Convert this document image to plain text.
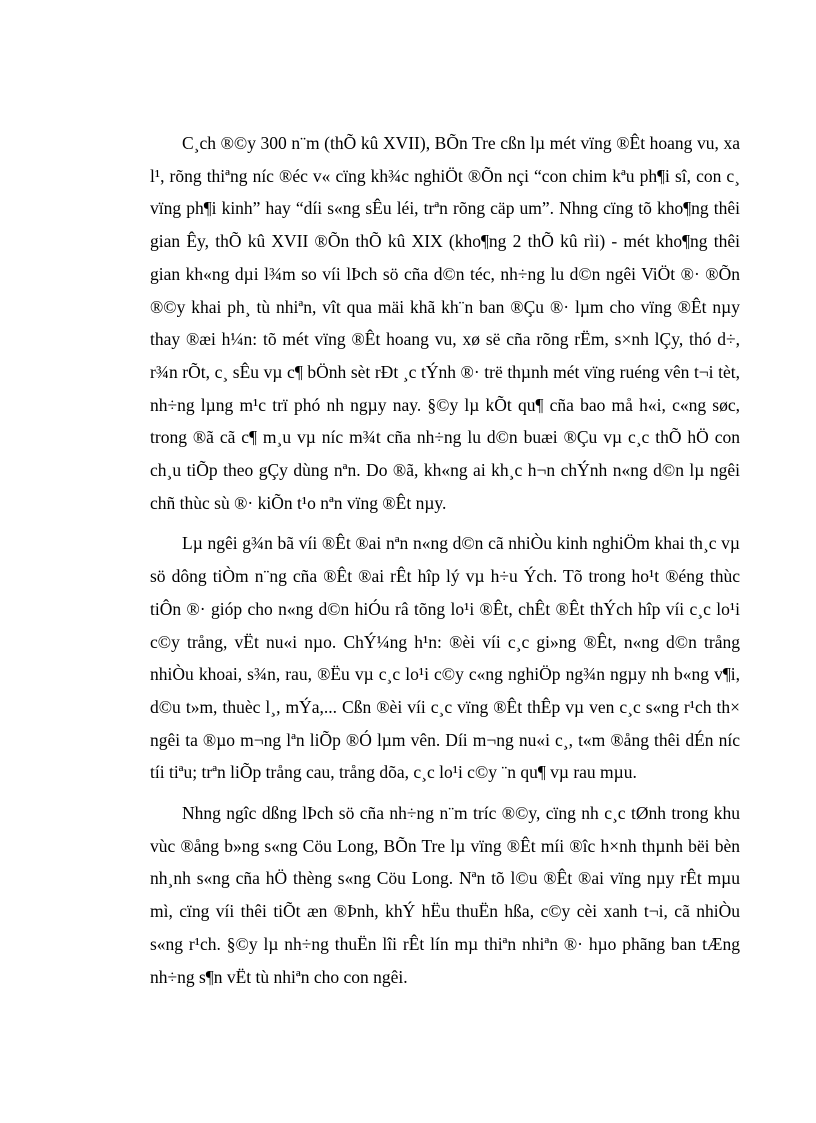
C¸ch ®©y 300 n¨m (thÕ kû XVII), BÕn Tre cßn lµ mét vïng ®Êt hoang vu, xa l¹, rõng thiªng níc ®éc v« cïng kh¾c nghiÖt ®Õn nçi “con chim kªu ph¶i sî, con c¸ vïng ph¶i kinh” hay “díi s«ng sÊu léi, trªn rõng cäp um”. Nhng cïng tõ kho¶ng thêi gian Êy, thÕ kû XVII ®Õn thÕ kû XIX (kho¶ng 2 thÕ kû rìi) - mét kho¶ng thêi gian kh«ng dµi l¾m so víi lÞch sö cña d©n téc, nh÷ng lu d©n ngêi ViÖt ®· ®Õn ®©y khai ph¸ tù nhiªn, vît qua mäi khã kh¨n ban ®Çu ®· lµm cho vïng ®Êt nµy thay ®æi h¼n: tõ mét vïng ®Êt hoang vu, xø së cña rõng rËm, s×nh lÇy, thó d÷, r¾n rÕt, c¸ sÊu vµ c¶ bÖnh sèt rÐt ¸c tÝnh ®· trë thµnh mét vïng ruéng vên t¬i tèt, nh÷ng lµng m¹c trï phó nh ngµy nay. §©y lµ kÕt qu¶ cña bao må h«i, c«ng søc, trong ®ã cã c¶ m¸u vµ níc m¾t cña nh÷ng lu d©n buæi ®Çu vµ c¸c thÕ hÖ con ch¸u tiÕp theo gÇy dùng nªn. Do ®ã, kh«ng ai kh¸c h¬n chÝnh n«ng d©n lµ ngêi chñ thùc sù ®· kiÕn t¹o nªn vïng ®Êt nµy.

Lµ ngêi g¾n bã víi ®Êt ®ai nªn n«ng d©n cã nhiÒu kinh nghiÖm khai th¸c vµ sö dông tiÒm n¨ng cña ®Êt ®ai rÊt hîp lý vµ h÷u Ých. Tõ trong ho¹t ®éng thùc tiÔn ®· gióp cho n«ng d©n hiÓu râ tõng lo¹i ®Êt, chÊt ®Êt thÝch hîp víi c¸c lo¹i c©y trång, vËt nu«i nµo. ChÝ¼ng h¹n: ®èi víi c¸c gi»ng ®Êt, n«ng d©n trång nhiÒu khoai, s¾n, rau, ®Ëu vµ c¸c lo¹i c©y c«ng nghiÖp ng¾n ngµy nh b«ng v¶i, d©u t»m, thuèc l¸, mÝa,... Cßn ®èi víi c¸c vïng ®Êt thÊp vµ ven c¸c s«ng r¹ch th× ngêi ta ®µo m¬ng lªn liÕp ®Ó lµm vên. Díi m¬ng nu«i c¸, t«m ®ång thêi dÉn níc tíi tiªu; trªn liÕp trång cau, trång dõa, c¸c lo¹i c©y ¨n qu¶ vµ rau mµu.

Nhng ngîc dßng lÞch sö cña nh÷ng n¨m tríc ®©y, cïng nh c¸c tØnh trong khu vùc ®ång b»ng s«ng Cöu Long, BÕn Tre lµ vïng ®Êt míi ®îc h×nh thµnh bëi bèn nh¸nh s«ng cña hÖ thèng s«ng Cöu Long. Nªn tõ l©u ®Êt ®ai vïng nµy rÊt mµu mì, cïng víi thêi tiÕt æn ®Þnh, khÝ hËu thuËn hßa, c©y cèi xanh t¬i, cã nhiÒu s«ng r¹ch. §©y lµ nh÷ng thuËn lîi rÊt lín mµ thiªn nhiªn ®· hµo phãng ban tÆng nh÷ng s¶n vËt tù nhiªn cho con ngêi.
